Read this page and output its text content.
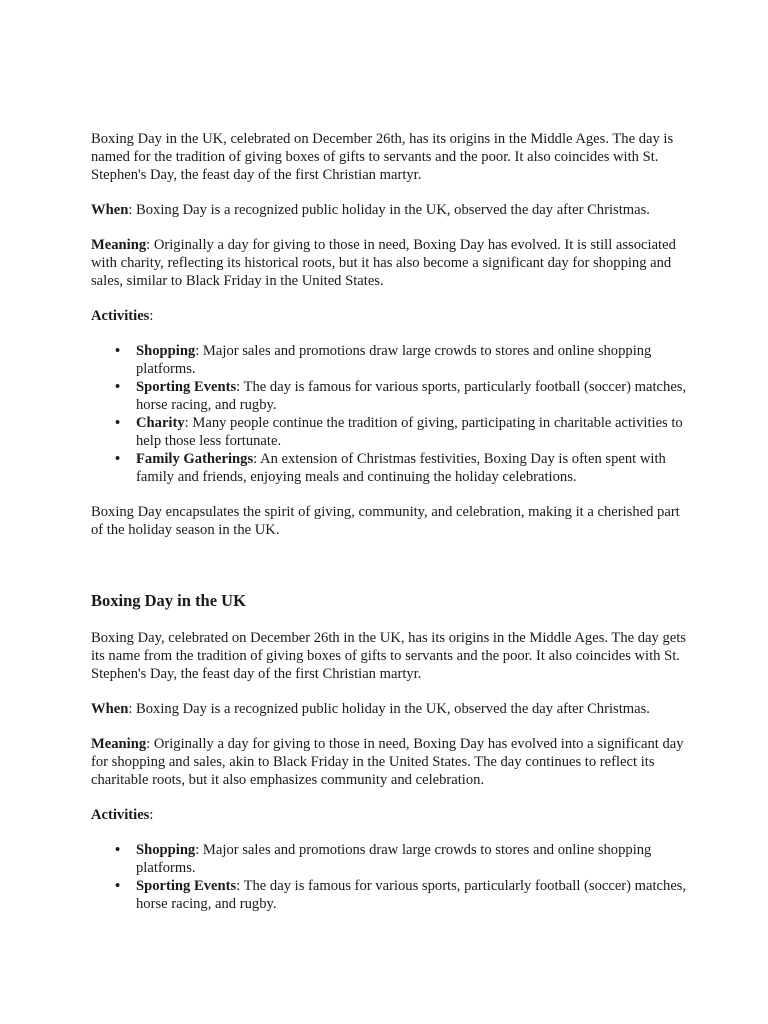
Boxing Day in the UK, celebrated on December 26th, has its origins in the Middle Ages. The day is named for the tradition of giving boxes of gifts to servants and the poor. It also coincides with St. Stephen's Day, the feast day of the first Christian martyr.

When: Boxing Day is a recognized public holiday in the UK, observed the day after Christmas.

Meaning: Originally a day for giving to those in need, Boxing Day has evolved. It is still associated with charity, reflecting its historical roots, but it has also become a significant day for shopping and sales, similar to Black Friday in the United States.

Activities:

• Shopping: Major sales and promotions draw large crowds to stores and online shopping platforms.
• Sporting Events: The day is famous for various sports, particularly football (soccer) matches, horse racing, and rugby.
• Charity: Many people continue the tradition of giving, participating in charitable activities to help those less fortunate.
• Family Gatherings: An extension of Christmas festivities, Boxing Day is often spent with family and friends, enjoying meals and continuing the holiday celebrations.

Boxing Day encapsulates the spirit of giving, community, and celebration, making it a cherished part of the holiday season in the UK.

Boxing Day in the UK

Boxing Day, celebrated on December 26th in the UK, has its origins in the Middle Ages. The day gets its name from the tradition of giving boxes of gifts to servants and the poor. It also coincides with St. Stephen's Day, the feast day of the first Christian martyr.

When: Boxing Day is a recognized public holiday in the UK, observed the day after Christmas.

Meaning: Originally a day for giving to those in need, Boxing Day has evolved into a significant day for shopping and sales, akin to Black Friday in the United States. The day continues to reflect its charitable roots, but it also emphasizes community and celebration.

Activities:

• Shopping: Major sales and promotions draw large crowds to stores and online shopping platforms.
• Sporting Events: The day is famous for various sports, particularly football (soccer) matches, horse racing, and rugby.
